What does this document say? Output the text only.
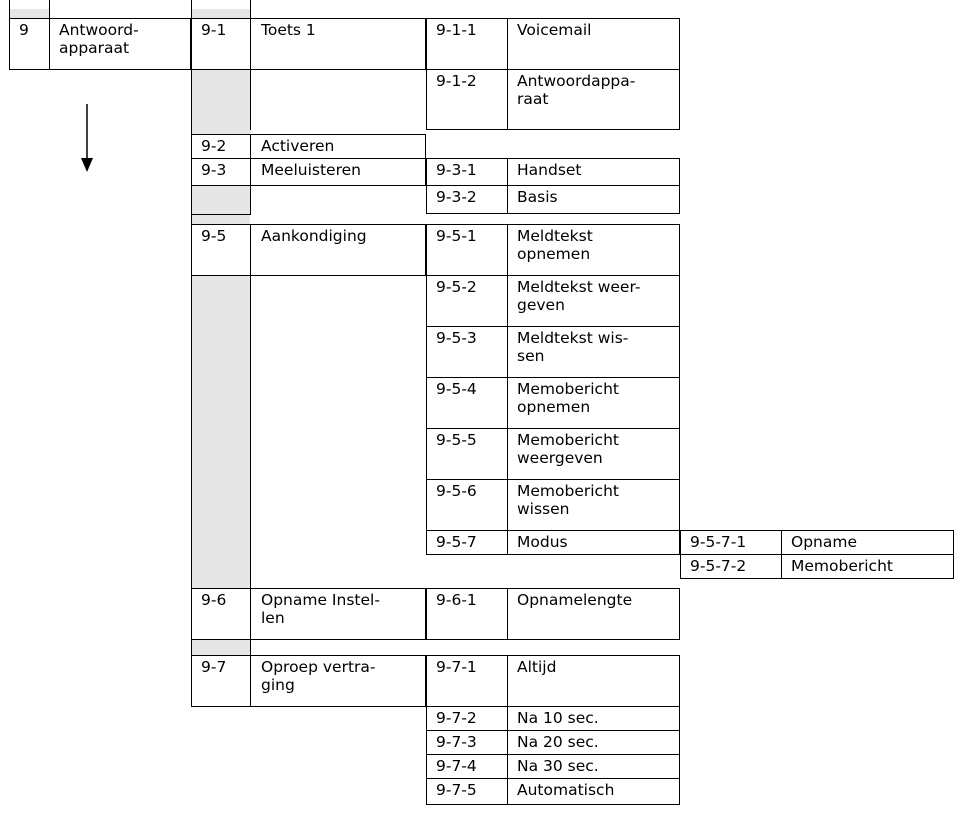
9	Antwoord-
apparaat
9-1	Toets 1
9-2	Activeren
9-3	Meeluisteren
9-5	Aankondiging
9-6	Opname Instel-
len
9-7	Oproep vertra-
ging
9-1-1	Voicemail
9-1-2	Antwoordappa-
raat
9-3-1	Handset
9-3-2	Basis
9-5-1	Meldtekst
opnemen
9-5-2	Meldtekst weer-
geven
9-5-3	Meldtekst wis-
sen
9-5-4	Memobericht
opnemen
9-5-5	Memobericht
weergeven
9-5-6	Memobericht
wissen
9-5-7	Modus
9-6-1	Opnamelengte
9-7-1	Altijd
9-7-2	Na 10 sec.
9-7-3	Na 20 sec.
9-7-4	Na 30 sec.
9-7-5	Automatisch
9-5-7-1	Opname
9-5-7-2	Memobericht
